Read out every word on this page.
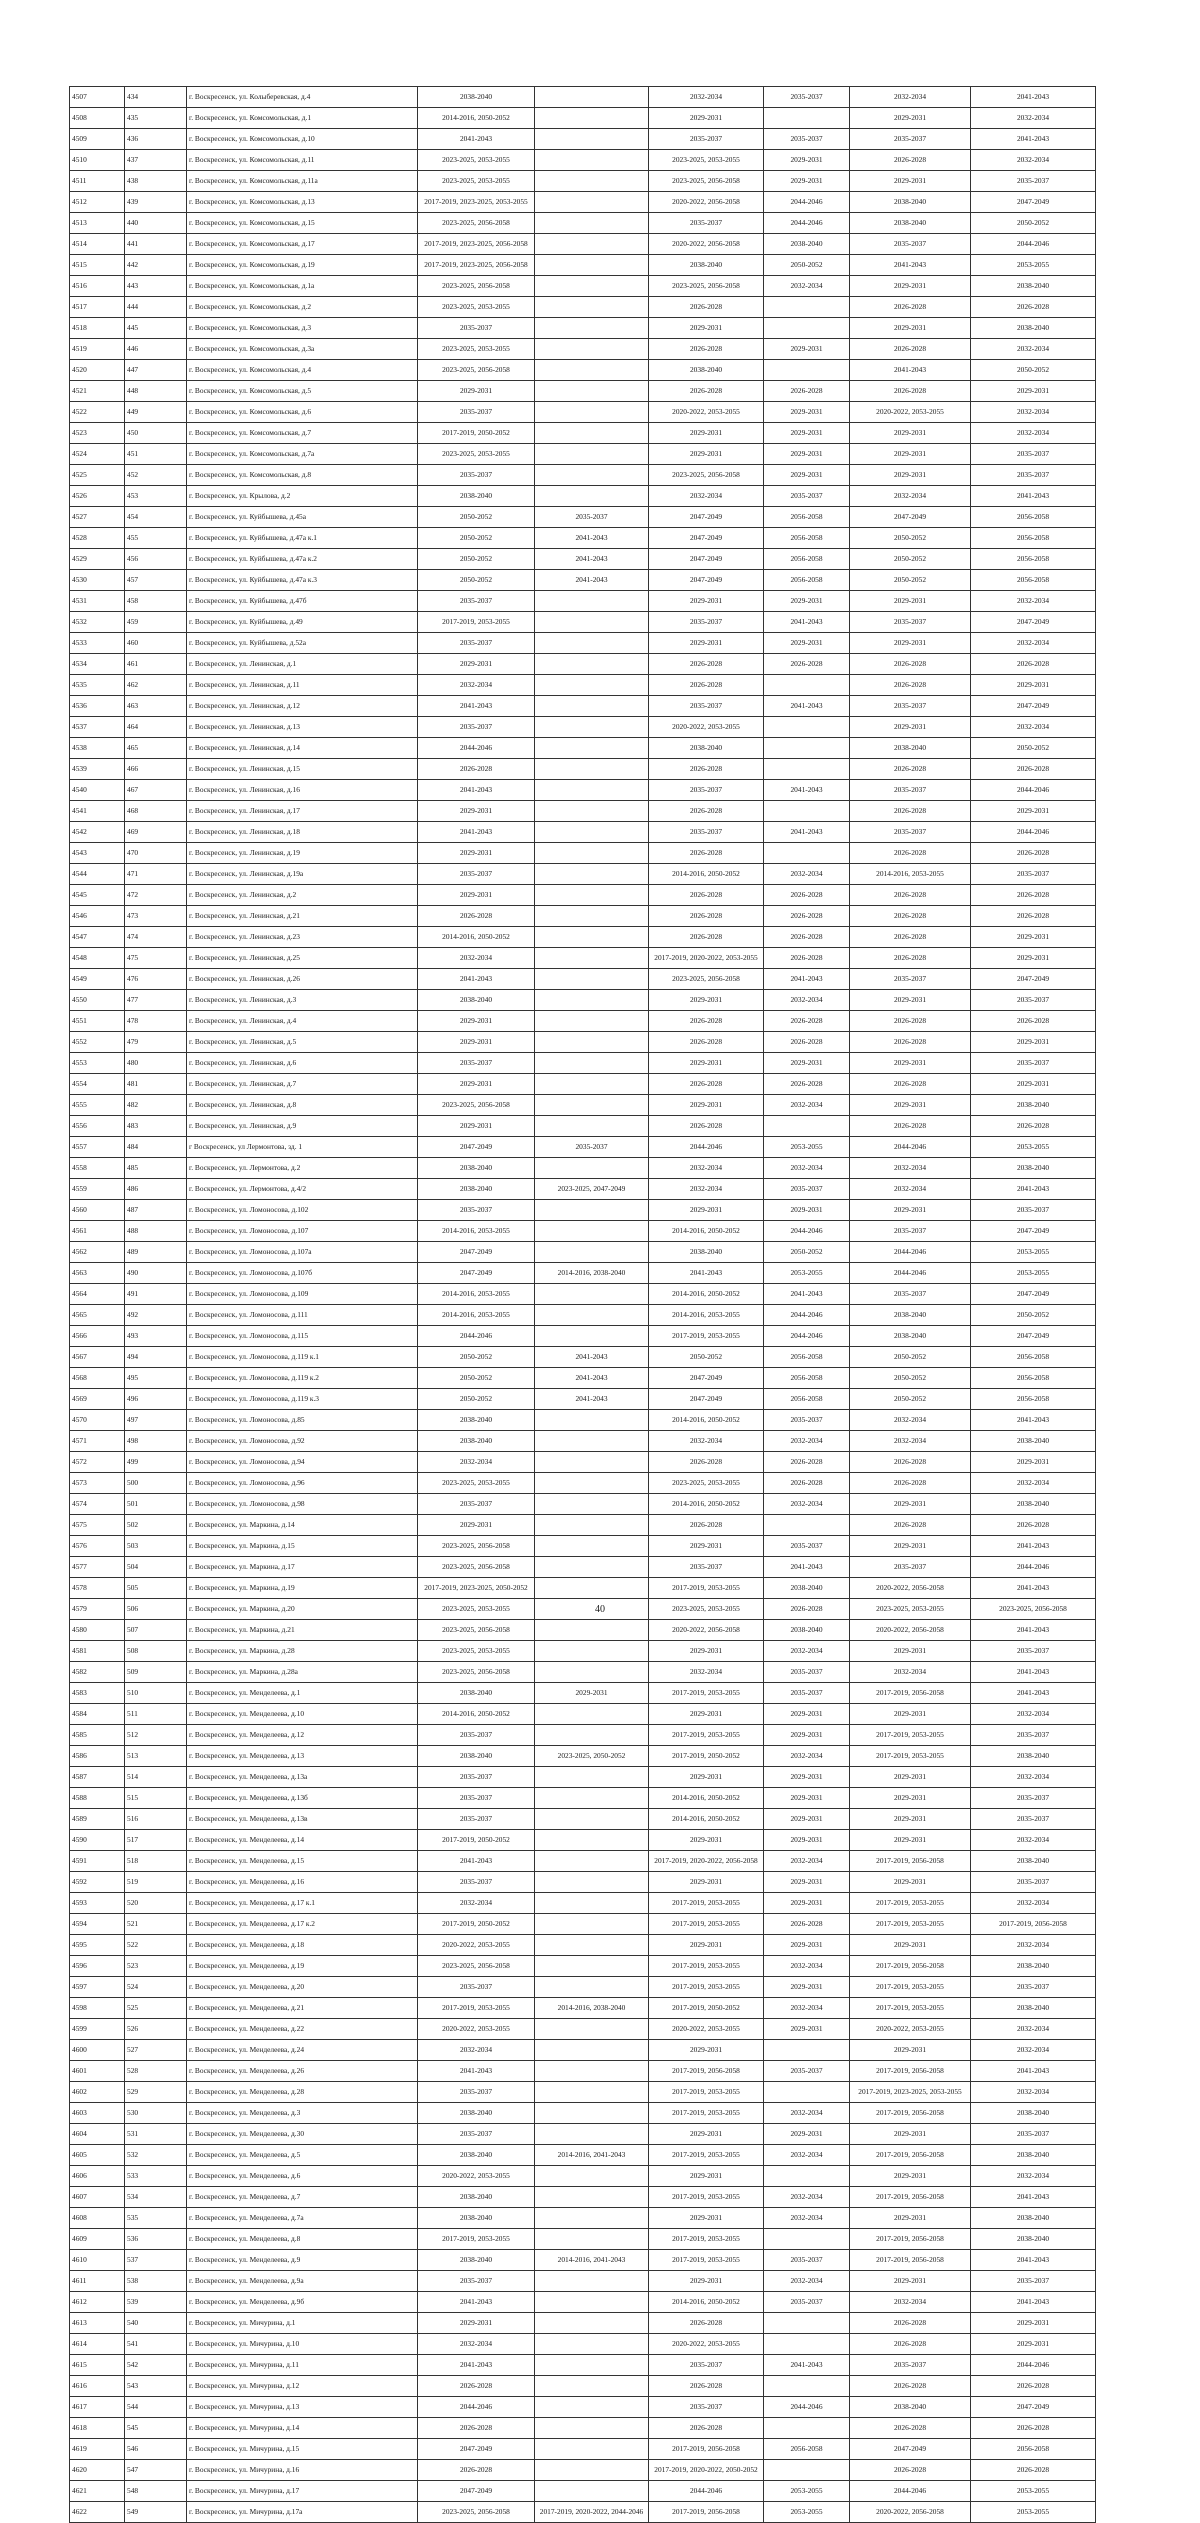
4507	434	г. Воскресенск, ул. Колыберевская, д.4	2038-2040		2032-2034	2035-2037	2032-2034	2041-2043
4508	435	г. Воскресенск, ул. Комсомольская, д.1	2014-2016, 2050-2052		2029-2031		2029-2031	2032-2034
4509	436	г. Воскресенск, ул. Комсомольская, д.10	2041-2043		2035-2037	2035-2037	2035-2037	2041-2043
4510	437	г. Воскресенск, ул. Комсомольская, д.11	2023-2025, 2053-2055		2023-2025, 2053-2055	2029-2031	2026-2028	2032-2034
4511	438	г. Воскресенск, ул. Комсомольская, д.11а	2023-2025, 2053-2055		2023-2025, 2056-2058	2029-2031	2029-2031	2035-2037
4512	439	г. Воскресенск, ул. Комсомольская, д.13	2017-2019, 2023-2025, 2053-2055		2020-2022, 2056-2058	2044-2046	2038-2040	2047-2049
4513	440	г. Воскресенск, ул. Комсомольская, д.15	2023-2025, 2056-2058		2035-2037	2044-2046	2038-2040	2050-2052
4514	441	г. Воскресенск, ул. Комсомольская, д.17	2017-2019, 2023-2025, 2056-2058		2020-2022, 2056-2058	2038-2040	2035-2037	2044-2046
4515	442	г. Воскресенск, ул. Комсомольская, д.19	2017-2019, 2023-2025, 2056-2058		2038-2040	2050-2052	2041-2043	2053-2055
4516	443	г. Воскресенск, ул. Комсомольская, д.1а	2023-2025, 2056-2058		2023-2025, 2056-2058	2032-2034	2029-2031	2038-2040
4517	444	г. Воскресенск, ул. Комсомольская, д.2	2023-2025, 2053-2055		2026-2028		2026-2028	2026-2028
4518	445	г. Воскресенск, ул. Комсомольская, д.3	2035-2037		2029-2031		2029-2031	2038-2040
4519	446	г. Воскресенск, ул. Комсомольская, д.3а	2023-2025, 2053-2055		2026-2028	2029-2031	2026-2028	2032-2034
4520	447	г. Воскресенск, ул. Комсомольская, д.4	2023-2025, 2056-2058		2038-2040		2041-2043	2050-2052
4521	448	г. Воскресенск, ул. Комсомольская, д.5	2029-2031		2026-2028	2026-2028	2026-2028	2029-2031
4522	449	г. Воскресенск, ул. Комсомольская, д.6	2035-2037		2020-2022, 2053-2055	2029-2031	2020-2022, 2053-2055	2032-2034
4523	450	г. Воскресенск, ул. Комсомольская, д.7	2017-2019, 2050-2052		2029-2031	2029-2031	2029-2031	2032-2034
4524	451	г. Воскресенск, ул. Комсомольская, д.7а	2023-2025, 2053-2055		2029-2031	2029-2031	2029-2031	2035-2037
4525	452	г. Воскресенск, ул. Комсомольская, д.8	2035-2037		2023-2025, 2056-2058	2029-2031	2029-2031	2035-2037
4526	453	г. Воскресенск, ул. Крылова, д.2	2038-2040		2032-2034	2035-2037	2032-2034	2041-2043
4527	454	г. Воскресенск, ул. Куйбышева, д.45а	2050-2052	2035-2037	2047-2049	2056-2058	2047-2049	2056-2058
4528	455	г. Воскресенск, ул. Куйбышева, д.47а к.1	2050-2052	2041-2043	2047-2049	2056-2058	2050-2052	2056-2058
4529	456	г. Воскресенск, ул. Куйбышева, д.47а к.2	2050-2052	2041-2043	2047-2049	2056-2058	2050-2052	2056-2058
4530	457	г. Воскресенск, ул. Куйбышева, д.47а к.3	2050-2052	2041-2043	2047-2049	2056-2058	2050-2052	2056-2058
4531	458	г. Воскресенск, ул. Куйбышева, д.47б	2035-2037		2029-2031	2029-2031	2029-2031	2032-2034
4532	459	г. Воскресенск, ул. Куйбышева, д.49	2017-2019, 2053-2055		2035-2037	2041-2043	2035-2037	2047-2049
4533	460	г. Воскресенск, ул. Куйбышева, д.52а	2035-2037		2029-2031	2029-2031	2029-2031	2032-2034
4534	461	г. Воскресенск, ул. Ленинская, д.1	2029-2031		2026-2028	2026-2028	2026-2028	2026-2028
4535	462	г. Воскресенск, ул. Ленинская, д.11	2032-2034		2026-2028		2026-2028	2029-2031
4536	463	г. Воскресенск, ул. Ленинская, д.12	2041-2043		2035-2037	2041-2043	2035-2037	2047-2049
4537	464	г. Воскресенск, ул. Ленинская, д.13	2035-2037		2020-2022, 2053-2055		2029-2031	2032-2034
4538	465	г. Воскресенск, ул. Ленинская, д.14	2044-2046		2038-2040		2038-2040	2050-2052
4539	466	г. Воскресенск, ул. Ленинская, д.15	2026-2028		2026-2028		2026-2028	2026-2028
4540	467	г. Воскресенск, ул. Ленинская, д.16	2041-2043		2035-2037	2041-2043	2035-2037	2044-2046
4541	468	г. Воскресенск, ул. Ленинская, д.17	2029-2031		2026-2028		2026-2028	2029-2031
4542	469	г. Воскресенск, ул. Ленинская, д.18	2041-2043		2035-2037	2041-2043	2035-2037	2044-2046
4543	470	г. Воскресенск, ул. Ленинская, д.19	2029-2031		2026-2028		2026-2028	2026-2028
4544	471	г. Воскресенск, ул. Ленинская, д.19а	2035-2037		2014-2016, 2050-2052	2032-2034	2014-2016, 2053-2055	2035-2037
4545	472	г. Воскресенск, ул. Ленинская, д.2	2029-2031		2026-2028	2026-2028	2026-2028	2026-2028
4546	473	г. Воскресенск, ул. Ленинская, д.21	2026-2028		2026-2028	2026-2028	2026-2028	2026-2028
4547	474	г. Воскресенск, ул. Ленинская, д.23	2014-2016, 2050-2052		2026-2028	2026-2028	2026-2028	2029-2031
4548	475	г. Воскресенск, ул. Ленинская, д.25	2032-2034		2017-2019, 2020-2022, 2053-2055	2026-2028	2026-2028	2029-2031
4549	476	г. Воскресенск, ул. Ленинская, д.26	2041-2043		2023-2025, 2056-2058	2041-2043	2035-2037	2047-2049
4550	477	г. Воскресенск, ул. Ленинская, д.3	2038-2040		2029-2031	2032-2034	2029-2031	2035-2037
4551	478	г. Воскресенск, ул. Ленинская, д.4	2029-2031		2026-2028	2026-2028	2026-2028	2026-2028
4552	479	г. Воскресенск, ул. Ленинская, д.5	2029-2031		2026-2028	2026-2028	2026-2028	2029-2031
4553	480	г. Воскресенск, ул. Ленинская, д.6	2035-2037		2029-2031	2029-2031	2029-2031	2035-2037
4554	481	г. Воскресенск, ул. Ленинская, д.7	2029-2031		2026-2028	2026-2028	2026-2028	2029-2031
4555	482	г. Воскресенск, ул. Ленинская, д.8	2023-2025, 2056-2058		2029-2031	2032-2034	2029-2031	2038-2040
4556	483	г. Воскресенск, ул. Ленинская, д.9	2029-2031		2026-2028		2026-2028	2026-2028
4557	484	г Воскресенск, ул Лермонтова, зд. 1	2047-2049	2035-2037	2044-2046	2053-2055	2044-2046	2053-2055
4558	485	г. Воскресенск, ул. Лермонтова, д.2	2038-2040		2032-2034	2032-2034	2032-2034	2038-2040
4559	486	г. Воскресенск, ул. Лермонтова, д.4/2	2038-2040	2023-2025, 2047-2049	2032-2034	2035-2037	2032-2034	2041-2043
4560	487	г. Воскресенск, ул. Ломоносова, д.102	2035-2037		2029-2031	2029-2031	2029-2031	2035-2037
4561	488	г. Воскресенск, ул. Ломоносова, д.107	2014-2016, 2053-2055		2014-2016, 2050-2052	2044-2046	2035-2037	2047-2049
4562	489	г. Воскресенск, ул. Ломоносова, д.107а	2047-2049		2038-2040	2050-2052	2044-2046	2053-2055
4563	490	г. Воскресенск, ул. Ломоносова, д.107б	2047-2049	2014-2016, 2038-2040	2041-2043	2053-2055	2044-2046	2053-2055
4564	491	г. Воскресенск, ул. Ломоносова, д.109	2014-2016, 2053-2055		2014-2016, 2050-2052	2041-2043	2035-2037	2047-2049
4565	492	г. Воскресенск, ул. Ломоносова, д.111	2014-2016, 2053-2055		2014-2016, 2053-2055	2044-2046	2038-2040	2050-2052
4566	493	г. Воскресенск, ул. Ломоносова, д.115	2044-2046		2017-2019, 2053-2055	2044-2046	2038-2040	2047-2049
4567	494	г. Воскресенск, ул. Ломоносова, д.119 к.1	2050-2052	2041-2043	2050-2052	2056-2058	2050-2052	2056-2058
4568	495	г. Воскресенск, ул. Ломоносова, д.119 к.2	2050-2052	2041-2043	2047-2049	2056-2058	2050-2052	2056-2058
4569	496	г. Воскресенск, ул. Ломоносова, д.119 к.3	2050-2052	2041-2043	2047-2049	2056-2058	2050-2052	2056-2058
4570	497	г. Воскресенск, ул. Ломоносова, д.85	2038-2040		2014-2016, 2050-2052	2035-2037	2032-2034	2041-2043
4571	498	г. Воскресенск, ул. Ломоносова, д.92	2038-2040		2032-2034	2032-2034	2032-2034	2038-2040
4572	499	г. Воскресенск, ул. Ломоносова, д.94	2032-2034		2026-2028	2026-2028	2026-2028	2029-2031
4573	500	г. Воскресенск, ул. Ломоносова, д.96	2023-2025, 2053-2055		2023-2025, 2053-2055	2026-2028	2026-2028	2032-2034
4574	501	г. Воскресенск, ул. Ломоносова, д.98	2035-2037		2014-2016, 2050-2052	2032-2034	2029-2031	2038-2040
4575	502	г. Воскресенск, ул. Маркина, д.14	2029-2031		2026-2028		2026-2028	2026-2028
4576	503	г. Воскресенск, ул. Маркина, д.15	2023-2025, 2056-2058		2029-2031	2035-2037	2029-2031	2041-2043
4577	504	г. Воскресенск, ул. Маркина, д.17	2023-2025, 2056-2058		2035-2037	2041-2043	2035-2037	2044-2046
4578	505	г. Воскресенск, ул. Маркина, д.19	2017-2019, 2023-2025, 2050-2052		2017-2019, 2053-2055	2038-2040	2020-2022, 2056-2058	2041-2043
4579	506	г. Воскресенск, ул. Маркина, д.20	2023-2025, 2053-2055		2023-2025, 2053-2055	2026-2028	2023-2025, 2053-2055	2023-2025, 2056-2058
4580	507	г. Воскресенск, ул. Маркина, д.21	2023-2025, 2056-2058		2020-2022, 2056-2058	2038-2040	2020-2022, 2056-2058	2041-2043
4581	508	г. Воскресенск, ул. Маркина, д.28	2023-2025, 2053-2055		2029-2031	2032-2034	2029-2031	2035-2037
4582	509	г. Воскресенск, ул. Маркина, д.28а	2023-2025, 2056-2058		2032-2034	2035-2037	2032-2034	2041-2043
4583	510	г. Воскресенск, ул. Менделеева, д.1	2038-2040	2029-2031	2017-2019, 2053-2055	2035-2037	2017-2019, 2056-2058	2041-2043
4584	511	г. Воскресенск, ул. Менделеева, д.10	2014-2016, 2050-2052		2029-2031	2029-2031	2029-2031	2032-2034
4585	512	г. Воскресенск, ул. Менделеева, д.12	2035-2037		2017-2019, 2053-2055	2029-2031	2017-2019, 2053-2055	2035-2037
4586	513	г. Воскресенск, ул. Менделеева, д.13	2038-2040	2023-2025, 2050-2052	2017-2019, 2050-2052	2032-2034	2017-2019, 2053-2055	2038-2040
4587	514	г. Воскресенск, ул. Менделеева, д.13а	2035-2037		2029-2031	2029-2031	2029-2031	2032-2034
4588	515	г. Воскресенск, ул. Менделеева, д.13б	2035-2037		2014-2016, 2050-2052	2029-2031	2029-2031	2035-2037
4589	516	г. Воскресенск, ул. Менделеева, д.13в	2035-2037		2014-2016, 2050-2052	2029-2031	2029-2031	2035-2037
4590	517	г. Воскресенск, ул. Менделеева, д.14	2017-2019, 2050-2052		2029-2031	2029-2031	2029-2031	2032-2034
4591	518	г. Воскресенск, ул. Менделеева, д.15	2041-2043		2017-2019, 2020-2022, 2056-2058	2032-2034	2017-2019, 2056-2058	2038-2040
4592	519	г. Воскресенск, ул. Менделеева, д.16	2035-2037		2029-2031	2029-2031	2029-2031	2035-2037
4593	520	г. Воскресенск, ул. Менделеева, д.17 к.1	2032-2034		2017-2019, 2053-2055	2029-2031	2017-2019, 2053-2055	2032-2034
4594	521	г. Воскресенск, ул. Менделеева, д.17 к.2	2017-2019, 2050-2052		2017-2019, 2053-2055	2026-2028	2017-2019, 2053-2055	2017-2019, 2056-2058
4595	522	г. Воскресенск, ул. Менделеева, д.18	2020-2022, 2053-2055		2029-2031	2029-2031	2029-2031	2032-2034
4596	523	г. Воскресенск, ул. Менделеева, д.19	2023-2025, 2056-2058		2017-2019, 2053-2055	2032-2034	2017-2019, 2056-2058	2038-2040
4597	524	г. Воскресенск, ул. Менделеева, д.20	2035-2037		2017-2019, 2053-2055	2029-2031	2017-2019, 2053-2055	2035-2037
4598	525	г. Воскресенск, ул. Менделеева, д.21	2017-2019, 2053-2055	2014-2016, 2038-2040	2017-2019, 2050-2052	2032-2034	2017-2019, 2053-2055	2038-2040
4599	526	г. Воскресенск, ул. Менделеева, д.22	2020-2022, 2053-2055		2020-2022, 2053-2055	2029-2031	2020-2022, 2053-2055	2032-2034
4600	527	г. Воскресенск, ул. Менделеева, д.24	2032-2034		2029-2031		2029-2031	2032-2034
4601	528	г. Воскресенск, ул. Менделеева, д.26	2041-2043		2017-2019, 2056-2058	2035-2037	2017-2019, 2056-2058	2041-2043
4602	529	г. Воскресенск, ул. Менделеева, д.28	2035-2037		2017-2019, 2053-2055		2017-2019, 2023-2025, 2053-2055	2032-2034
4603	530	г. Воскресенск, ул. Менделеева, д.3	2038-2040		2017-2019, 2053-2055	2032-2034	2017-2019, 2056-2058	2038-2040
4604	531	г. Воскресенск, ул. Менделеева, д.30	2035-2037		2029-2031	2029-2031	2029-2031	2035-2037
4605	532	г. Воскресенск, ул. Менделеева, д.5	2038-2040	2014-2016, 2041-2043	2017-2019, 2053-2055	2032-2034	2017-2019, 2056-2058	2038-2040
4606	533	г. Воскресенск, ул. Менделеева, д.6	2020-2022, 2053-2055		2029-2031		2029-2031	2032-2034
4607	534	г. Воскресенск, ул. Менделеева, д.7	2038-2040		2017-2019, 2053-2055	2032-2034	2017-2019, 2056-2058	2041-2043
4608	535	г. Воскресенск, ул. Менделеева, д.7а	2038-2040		2029-2031	2032-2034	2029-2031	2038-2040
4609	536	г. Воскресенск, ул. Менделеева, д.8	2017-2019, 2053-2055		2017-2019, 2053-2055		2017-2019, 2056-2058	2038-2040
4610	537	г. Воскресенск, ул. Менделеева, д.9	2038-2040	2014-2016, 2041-2043	2017-2019, 2053-2055	2035-2037	2017-2019, 2056-2058	2041-2043
4611	538	г. Воскресенск, ул. Менделеева, д.9а	2035-2037		2029-2031	2032-2034	2029-2031	2035-2037
4612	539	г. Воскресенск, ул. Менделеева, д.9б	2041-2043		2014-2016, 2050-2052	2035-2037	2032-2034	2041-2043
4613	540	г. Воскресенск, ул. Мичурина, д.1	2029-2031		2026-2028		2026-2028	2029-2031
4614	541	г. Воскресенск, ул. Мичурина, д.10	2032-2034		2020-2022, 2053-2055		2026-2028	2029-2031
4615	542	г. Воскресенск, ул. Мичурина, д.11	2041-2043		2035-2037	2041-2043	2035-2037	2044-2046
4616	543	г. Воскресенск, ул. Мичурина, д.12	2026-2028		2026-2028		2026-2028	2026-2028
4617	544	г. Воскресенск, ул. Мичурина, д.13	2044-2046		2035-2037	2044-2046	2038-2040	2047-2049
4618	545	г. Воскресенск, ул. Мичурина, д.14	2026-2028		2026-2028		2026-2028	2026-2028
4619	546	г. Воскресенск, ул. Мичурина, д.15	2047-2049		2017-2019, 2056-2058	2056-2058	2047-2049	2056-2058
4620	547	г. Воскресенск, ул. Мичурина, д.16	2026-2028		2017-2019, 2020-2022, 2050-2052		2026-2028	2026-2028
4621	548	г. Воскресенск, ул. Мичурина, д.17	2047-2049		2044-2046	2053-2055	2044-2046	2053-2055
4622	549	г. Воскресенск, ул. Мичурина, д.17а	2023-2025, 2056-2058	2017-2019, 2020-2022, 2044-2046	2017-2019, 2056-2058	2053-2055	2020-2022, 2056-2058	2053-2055
40
